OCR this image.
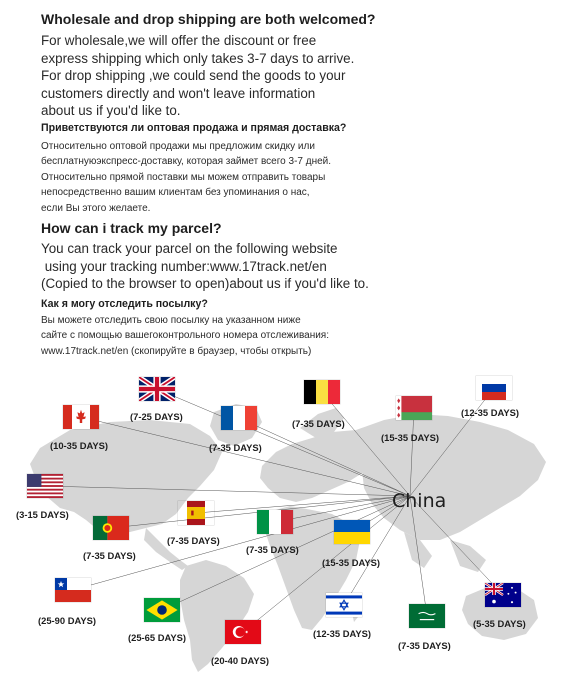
Wholesale and drop shipping are both welcomed?
For wholesale,we will offer the discount or free
express shipping which only takes 3-7 days to arrive.
For drop shipping ,we could send the goods to your
customers directly and won't leave information
about us if you'd like to.
Приветствуются ли оптовая продажа и прямая доставка?
Относительно оптовой продажи мы предложим скидку или
бесплатнуюэкспресс-доставку, которая займет всего 3-7 дней.
Относительно прямой поставки мы можем отправить товары
непосредственно вашим клиентам без упоминания о нас,
если Вы этого желаете.
How can i track my parcel?
You can track your parcel on the following website
using your tracking number:www.17track.net/en
(Copied to the browser to open)about us if you'd like to.
Как я могу отследить посылку?
Вы можете отследить свою посылку на указанном ниже
сайте с помощью вашегоконтрольного номера отслеживания:
www.17track.net/en (скопируйте в браузер, чтобы открыть)
China
(7-25 DAYS)
(7-35 DAYS)
(15-35 DAYS)
(12-35 DAYS)
(10-35 DAYS)	(7-35 DAYS)
(3-15 DAYS)
(7-35 DAYS)
(7-35 DAYS)
(7-35 DAYS)
(15-35 DAYS)
(25-90 DAYS)
(25-65 DAYS)
(20-40 DAYS)
(12-35 DAYS)
(7-35 DAYS)
(5-35 DAYS)
